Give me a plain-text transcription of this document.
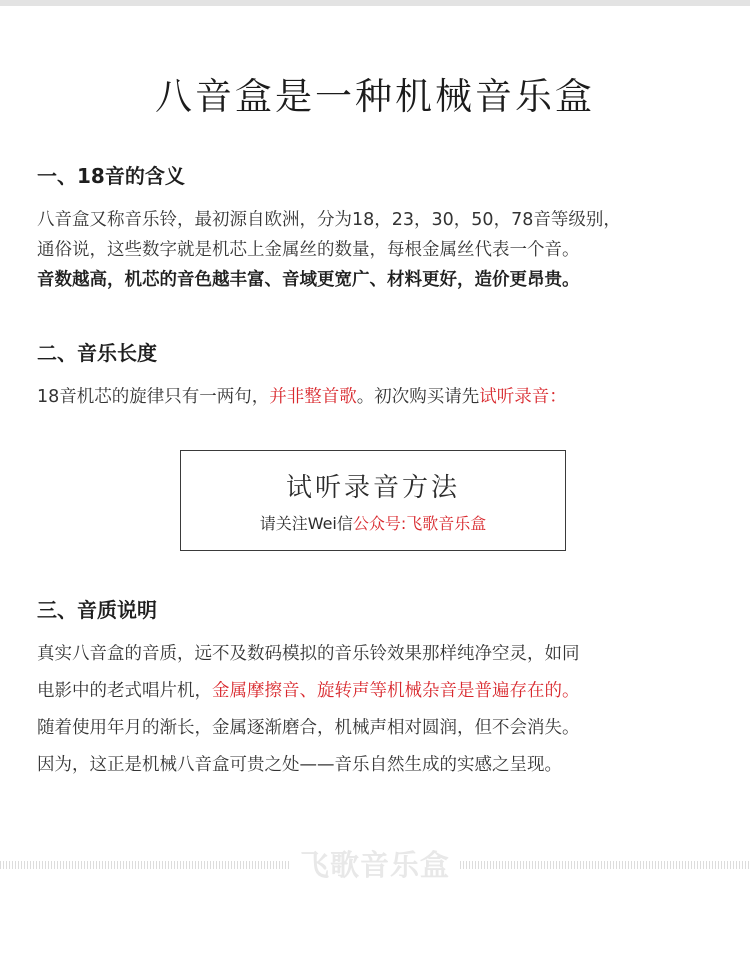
八音盒是一种机械音乐盒
一、18音的含义
八音盒又称音乐铃，最初源自欧洲，分为18，23，30，50，78音等级别，
通俗说，这些数字就是机芯上金属丝的数量，每根金属丝代表一个音。
音数越高，机芯的音色越丰富、音域更宽广、材料更好，造价更昂贵。
二、音乐长度
18音机芯的旋律只有一两句，并非整首歌。初次购买请先试听录音：
试听录音方法
请关注Wei信公众号:飞歌音乐盒
三、音质说明
真实八音盒的音质，远不及数码模拟的音乐铃效果那样纯净空灵，如同
电影中的老式唱片机，金属摩擦音、旋转声等机械杂音是普遍存在的。
随着使用年月的渐长，金属逐渐磨合，机械声相对圆润，但不会消失。
因为，这正是机械八音盒可贵之处——音乐自然生成的实感之呈现。
飞歌音乐盒
